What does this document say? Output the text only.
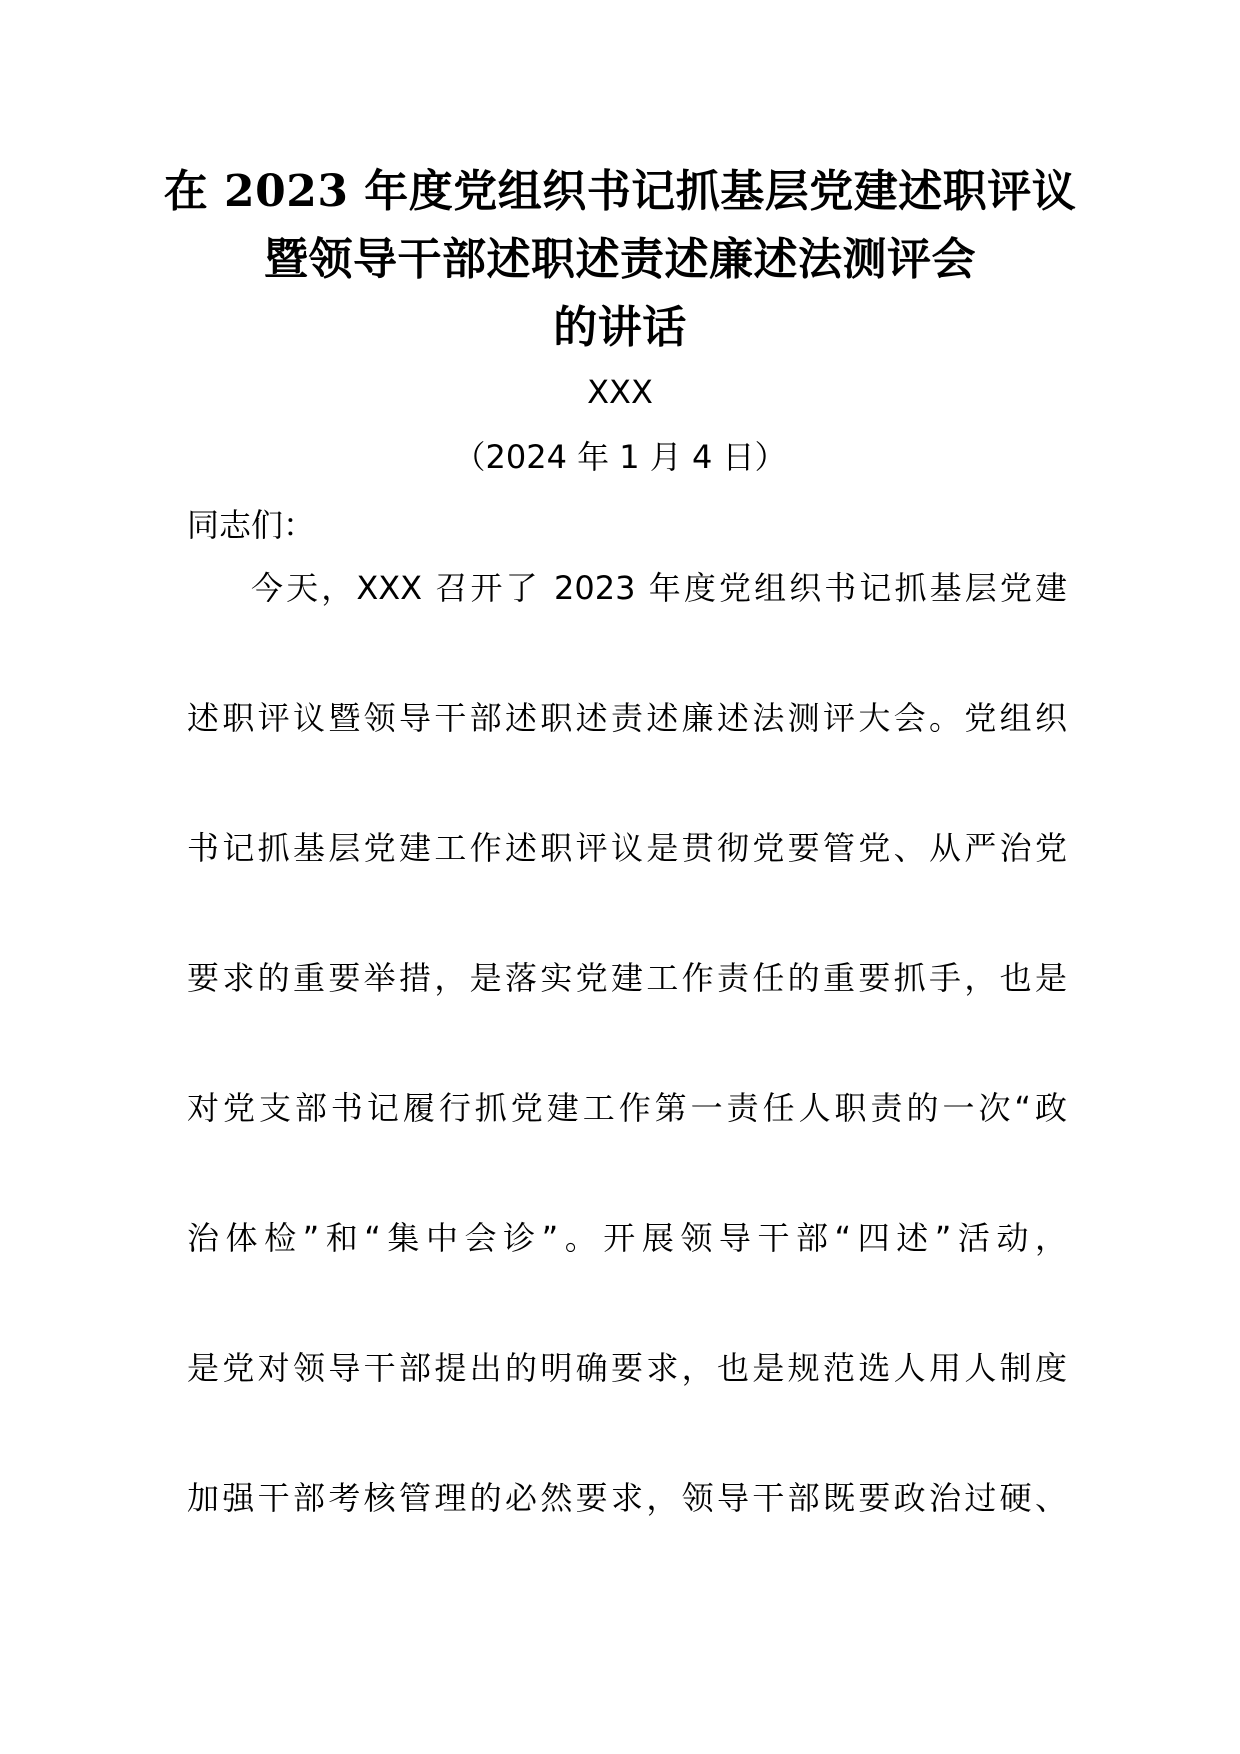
在 2023 年度党组织书记抓基层党建述职评议
暨领导干部述职述责述廉述法测评会
的讲话
XXX
（2024 年 1 月 4 日）
同志们：
今天，XXX 召开了 2023 年度党组织书记抓基层党建
述职评议暨领导干部述职述责述廉述法测评大会。党组织
书记抓基层党建工作述职评议是贯彻党要管党、从严治党
要求的重要举措，是落实党建工作责任的重要抓手，也是
对党支部书记履行抓党建工作第一责任人职责的一次“政
治体检”和“集中会诊”。开展领导干部“四述”活动，
是党对领导干部提出的明确要求，也是规范选人用人制度
加强干部考核管理的必然要求，领导干部既要政治过硬、
